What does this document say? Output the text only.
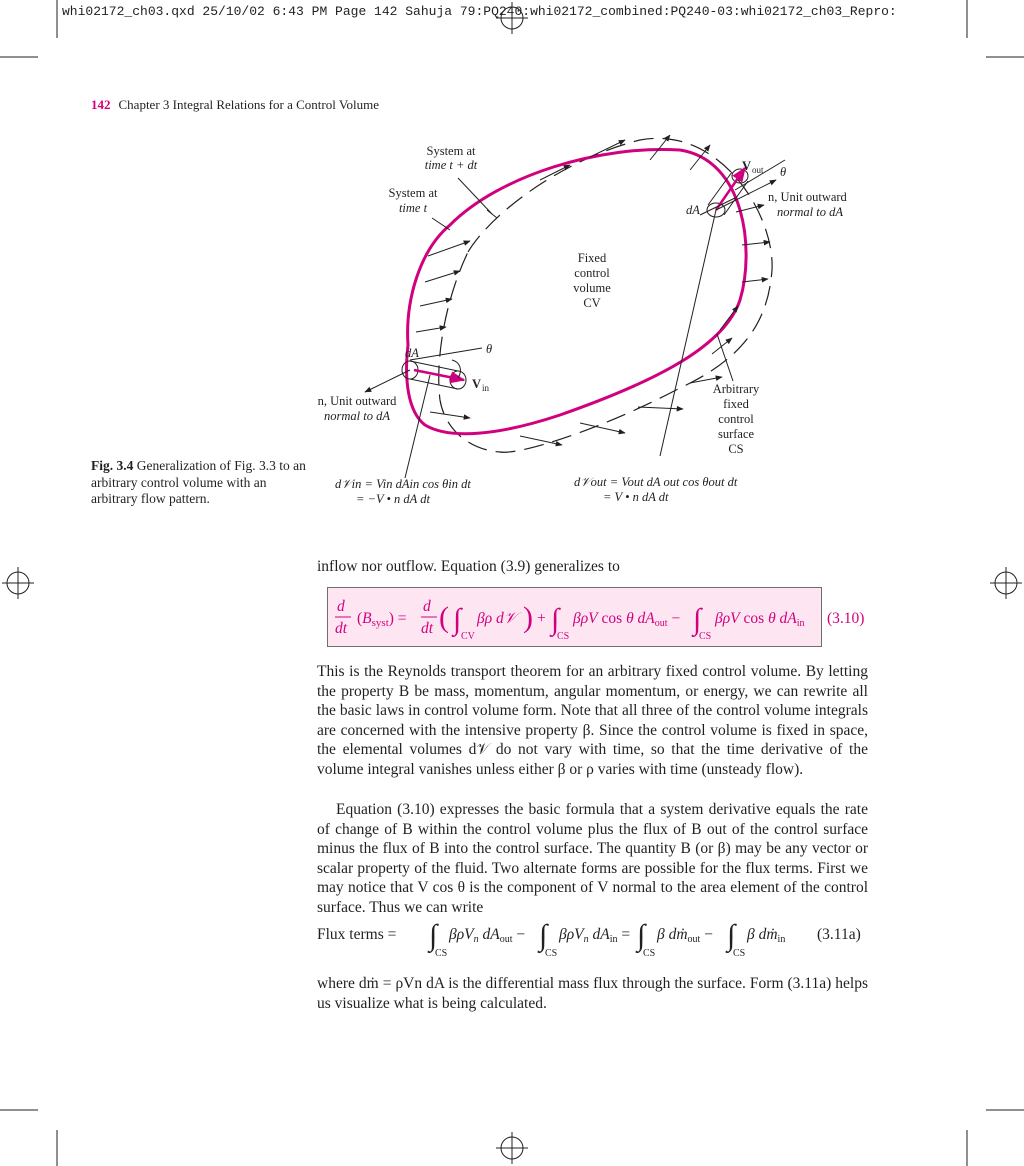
whi02172_ch03.qxd 25/10/02 6:43 PM Page 142 Sahuja 79:PQ240:whi02172_combined:PQ240-03:whi02172_ch03_Repro:
142 Chapter 3 Integral Relations for a Control Volume
System at
time t + dt
System at
time t
Fixed
control
volume
CV
Arbitrary
fixed
control
surface
CS
$V_{out}$ θ
dA
n, Unit outward
normal to dA
θ
dA
$V_{in}$
n, Unit outward
normal to dA
d𝒱in = Vin dAin cos θin dt
= −V • n dA dt
d𝒱out = Vout dA out cos θout dt
= V • n dA dt
Fig. 3.4 Generalization of Fig. 3.3 to an arbitrary control volume with an arbitrary flow pattern.
inflow nor outflow. Equation (3.9) generalizes to
d
dt
(Bsyst) =
d
dt ( ∫
CV
βρ d𝒱 ) + ∫
CS
βρV cos θ dAout − ∫
CS
βρV cos θ dAin (3.10)
This is the Reynolds transport theorem for an arbitrary fixed control volume. By letting the property B be mass, momentum, angular momentum, or energy, we can rewrite all the basic laws in control volume form. Note that all three of the control volume integrals are concerned with the intensive property β. Since the control volume is fixed in space, the elemental volumes d𝒱 do not vary with time, so that the time derivative of the volume integral vanishes unless either β or ρ varies with time (unsteady flow).
Equation (3.10) expresses the basic formula that a system derivative equals the rate of change of B within the control volume plus the flux of B out of the control surface minus the flux of B into the control surface. The quantity B (or β) may be any vector or scalar property of the fluid. Two alternate forms are possible for the flux terms. First we may notice that V cos θ is the component of V normal to the area element of the control surface. Thus we can write
Flux terms = ∫
CS
βρVn dAout − ∫
CS
βρVn dAin = ∫
CS
β dṁout − ∫
CS
β dṁin (3.11a)
where dṁ = ρVn dA is the differential mass flux through the surface. Form (3.11a) helps us visualize what is being calculated.
